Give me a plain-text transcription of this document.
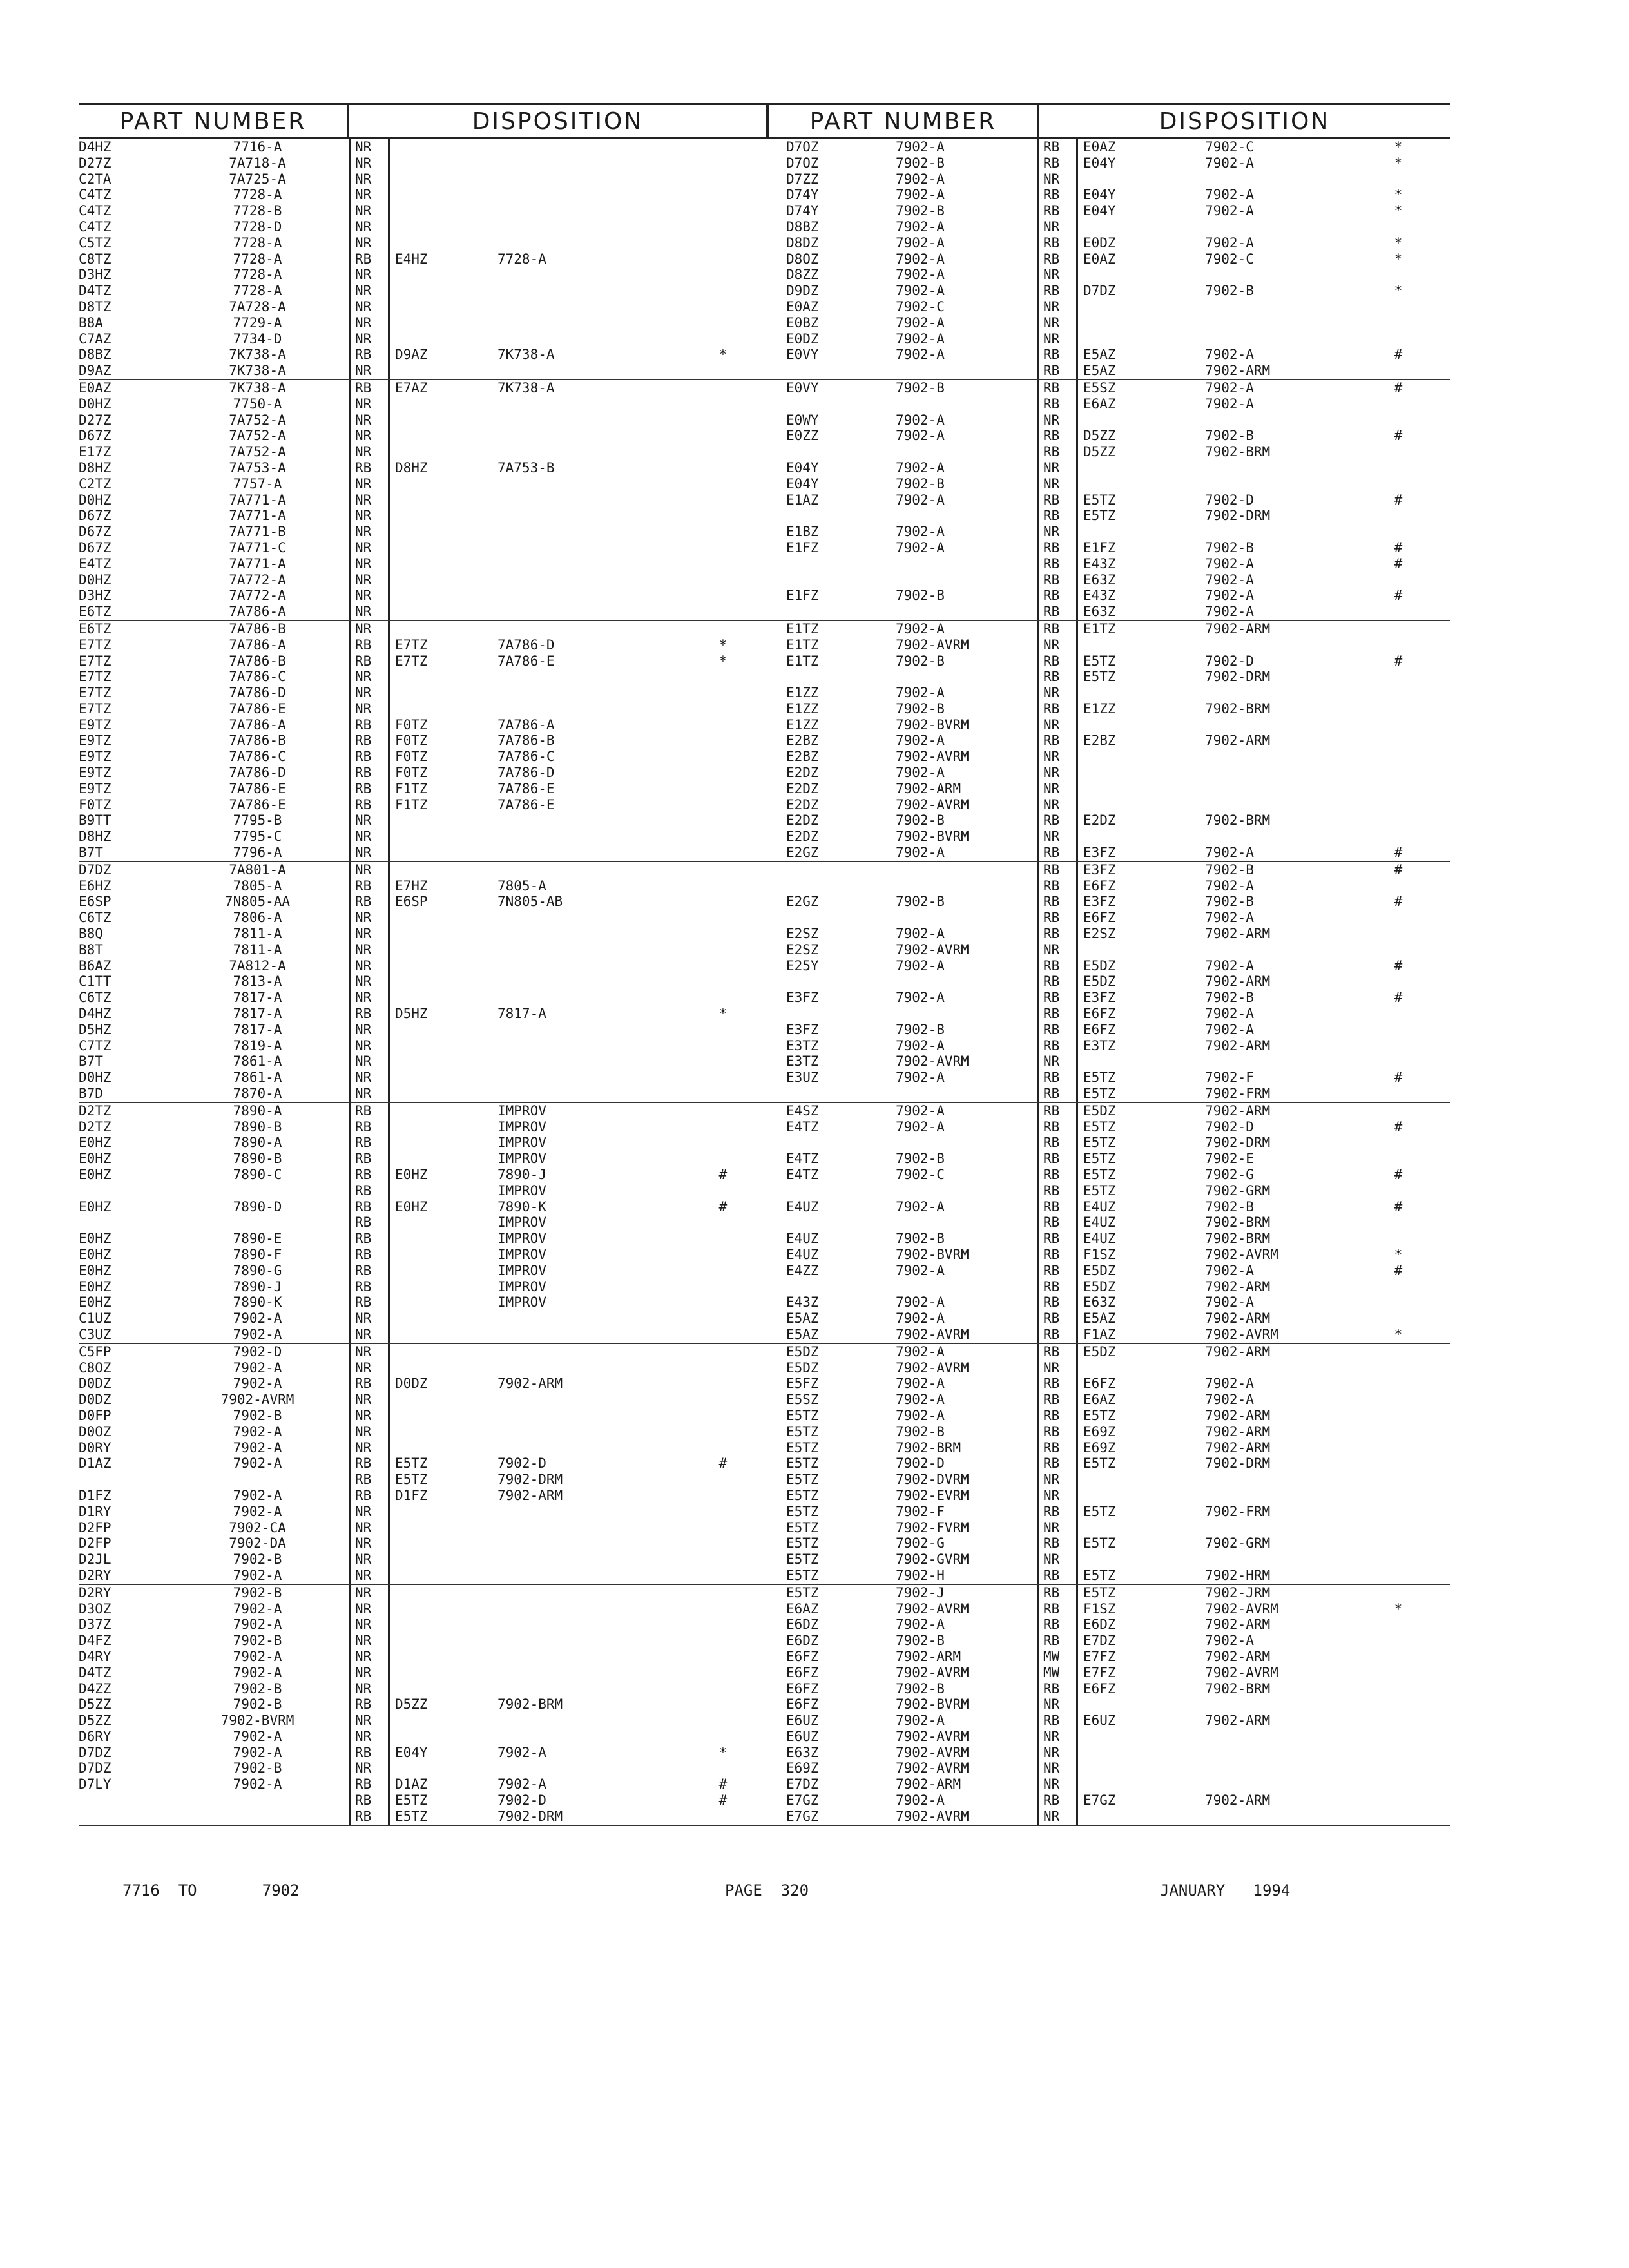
PART NUMBER	DISPOSITION
D4HZ	7716-A	NR
D27Z	7A718-A	NR
C2TA	7A725-A	NR
C4TZ	7728-A	NR
C4TZ	7728-B	NR
C4TZ	7728-D	NR
C5TZ	7728-A	NR
C8TZ	7728-A	RB	E4HZ	7728-A
D3HZ	7728-A	NR
D4TZ	7728-A	NR
D8TZ	7A728-A	NR
B8A	7729-A	NR
C7AZ	7734-D	NR
D8BZ	7K738-A	RB	D9AZ	7K738-A	*
D9AZ	7K738-A	NR
E0AZ	7K738-A	RB	E7AZ	7K738-A
D0HZ	7750-A	NR
D27Z	7A752-A	NR
D67Z	7A752-A	NR
E17Z	7A752-A	NR
D8HZ	7A753-A	RB	D8HZ	7A753-B
C2TZ	7757-A	NR
D0HZ	7A771-A	NR
D67Z	7A771-A	NR
D67Z	7A771-B	NR
D67Z	7A771-C	NR
E4TZ	7A771-A	NR
D0HZ	7A772-A	NR
D3HZ	7A772-A	NR
E6TZ	7A786-A	NR
E6TZ	7A786-B	NR
E7TZ	7A786-A	RB	E7TZ	7A786-D	*
E7TZ	7A786-B	RB	E7TZ	7A786-E	*
E7TZ	7A786-C	NR
E7TZ	7A786-D	NR
E7TZ	7A786-E	NR
E9TZ	7A786-A	RB	F0TZ	7A786-A
E9TZ	7A786-B	RB	F0TZ	7A786-B
E9TZ	7A786-C	RB	F0TZ	7A786-C
E9TZ	7A786-D	RB	F0TZ	7A786-D
E9TZ	7A786-E	RB	F1TZ	7A786-E
F0TZ	7A786-E	RB	F1TZ	7A786-E
B9TT	7795-B	NR
D8HZ	7795-C	NR
B7T	7796-A	NR
D7DZ	7A801-A	NR
E6HZ	7805-A	RB	E7HZ	7805-A
E6SP	7N805-AA	RB	E6SP	7N805-AB
C6TZ	7806-A	NR
B8Q	7811-A	NR
B8T	7811-A	NR
B6AZ	7A812-A	NR
C1TT	7813-A	NR
C6TZ	7817-A	NR
D4HZ	7817-A	RB	D5HZ	7817-A	*
D5HZ	7817-A	NR
C7TZ	7819-A	NR
B7T	7861-A	NR
D0HZ	7861-A	NR
B7D	7870-A	NR
D2TZ	7890-A	RB	IMPROV
D2TZ	7890-B	RB	IMPROV
E0HZ	7890-A	RB	IMPROV
E0HZ	7890-B	RB	IMPROV
E0HZ	7890-C	RB	E0HZ	7890-J	#
RB	IMPROV
E0HZ	7890-D	RB	E0HZ	7890-K	#
RB	IMPROV
E0HZ	7890-E	RB	IMPROV
E0HZ	7890-F	RB	IMPROV
E0HZ	7890-G	RB	IMPROV
E0HZ	7890-J	RB	IMPROV
E0HZ	7890-K	RB	IMPROV
C1UZ	7902-A	NR
C3UZ	7902-A	NR
C5FP	7902-D	NR
C8OZ	7902-A	NR
D0DZ	7902-A	RB	D0DZ	7902-ARM
D0DZ	7902-AVRM	NR
D0FP	7902-B	NR
D0OZ	7902-A	NR
D0RY	7902-A	NR
D1AZ	7902-A	RB	E5TZ	7902-D	#
RB	E5TZ	7902-DRM
D1FZ	7902-A	RB	D1FZ	7902-ARM
D1RY	7902-A	NR
D2FP	7902-CA	NR
D2FP	7902-DA	NR
D2JL	7902-B	NR
D2RY	7902-A	NR
D2RY	7902-B	NR
D3OZ	7902-A	NR
D37Z	7902-A	NR
D4FZ	7902-B	NR
D4RY	7902-A	NR
D4TZ	7902-A	NR
D4ZZ	7902-B	NR
D5ZZ	7902-B	RB	D5ZZ	7902-BRM
D5ZZ	7902-BVRM	NR
D6RY	7902-A	NR
D7DZ	7902-A	RB	E04Y	7902-A	*
D7DZ	7902-B	NR
D7LY	7902-A	RB	D1AZ	7902-A	#
RB	E5TZ	7902-D	#
RB	E5TZ	7902-DRM
PART NUMBER	DISPOSITION
D7OZ	7902-A	RB	E0AZ	7902-C	*
D7OZ	7902-B	RB	E04Y	7902-A	*
D7ZZ	7902-A	NR
D74Y	7902-A	RB	E04Y	7902-A	*
D74Y	7902-B	RB	E04Y	7902-A	*
D8BZ	7902-A	NR
D8DZ	7902-A	RB	E0DZ	7902-A	*
D8OZ	7902-A	RB	E0AZ	7902-C	*
D8ZZ	7902-A	NR
D9DZ	7902-A	RB	D7DZ	7902-B	*
E0AZ	7902-C	NR
E0BZ	7902-A	NR
E0DZ	7902-A	NR
E0VY	7902-A	RB	E5AZ	7902-A	#
RB	E5AZ	7902-ARM
E0VY	7902-B	RB	E5SZ	7902-A	#
RB	E6AZ	7902-A
E0WY	7902-A	NR
E0ZZ	7902-A	RB	D5ZZ	7902-B	#
RB	D5ZZ	7902-BRM
E04Y	7902-A	NR
E04Y	7902-B	NR
E1AZ	7902-A	RB	E5TZ	7902-D	#
RB	E5TZ	7902-DRM
E1BZ	7902-A	NR
E1FZ	7902-A	RB	E1FZ	7902-B	#
RB	E43Z	7902-A	#
RB	E63Z	7902-A
E1FZ	7902-B	RB	E43Z	7902-A	#
RB	E63Z	7902-A
E1TZ	7902-A	RB	E1TZ	7902-ARM
E1TZ	7902-AVRM	NR
E1TZ	7902-B	RB	E5TZ	7902-D	#
RB	E5TZ	7902-DRM
E1ZZ	7902-A	NR
E1ZZ	7902-B	RB	E1ZZ	7902-BRM
E1ZZ	7902-BVRM	NR
E2BZ	7902-A	RB	E2BZ	7902-ARM
E2BZ	7902-AVRM	NR
E2DZ	7902-A	NR
E2DZ	7902-ARM	NR
E2DZ	7902-AVRM	NR
E2DZ	7902-B	RB	E2DZ	7902-BRM
E2DZ	7902-BVRM	NR
E2GZ	7902-A	RB	E3FZ	7902-A	#
RB	E3FZ	7902-B	#
RB	E6FZ	7902-A
E2GZ	7902-B	RB	E3FZ	7902-B	#
RB	E6FZ	7902-A
E2SZ	7902-A	RB	E2SZ	7902-ARM
E2SZ	7902-AVRM	NR
E25Y	7902-A	RB	E5DZ	7902-A	#
RB	E5DZ	7902-ARM
E3FZ	7902-A	RB	E3FZ	7902-B	#
RB	E6FZ	7902-A
E3FZ	7902-B	RB	E6FZ	7902-A
E3TZ	7902-A	RB	E3TZ	7902-ARM
E3TZ	7902-AVRM	NR
E3UZ	7902-A	RB	E5TZ	7902-F	#
RB	E5TZ	7902-FRM
E4SZ	7902-A	RB	E5DZ	7902-ARM
E4TZ	7902-A	RB	E5TZ	7902-D	#
RB	E5TZ	7902-DRM
E4TZ	7902-B	RB	E5TZ	7902-E
E4TZ	7902-C	RB	E5TZ	7902-G	#
RB	E5TZ	7902-GRM
E4UZ	7902-A	RB	E4UZ	7902-B	#
RB	E4UZ	7902-BRM
E4UZ	7902-B	RB	E4UZ	7902-BRM
E4UZ	7902-BVRM	RB	F1SZ	7902-AVRM	*
E4ZZ	7902-A	RB	E5DZ	7902-A	#
RB	E5DZ	7902-ARM
E43Z	7902-A	RB	E63Z	7902-A
E5AZ	7902-A	RB	E5AZ	7902-ARM
E5AZ	7902-AVRM	RB	F1AZ	7902-AVRM	*
E5DZ	7902-A	RB	E5DZ	7902-ARM
E5DZ	7902-AVRM	NR
E5FZ	7902-A	RB	E6FZ	7902-A
E5SZ	7902-A	RB	E6AZ	7902-A
E5TZ	7902-A	RB	E5TZ	7902-ARM
E5TZ	7902-B	RB	E69Z	7902-ARM
E5TZ	7902-BRM	RB	E69Z	7902-ARM
E5TZ	7902-D	RB	E5TZ	7902-DRM
E5TZ	7902-DVRM	NR
E5TZ	7902-EVRM	NR
E5TZ	7902-F	RB	E5TZ	7902-FRM
E5TZ	7902-FVRM	NR
E5TZ	7902-G	RB	E5TZ	7902-GRM
E5TZ	7902-GVRM	NR
E5TZ	7902-H	RB	E5TZ	7902-HRM
E5TZ	7902-J	RB	E5TZ	7902-JRM
E6AZ	7902-AVRM	RB	F1SZ	7902-AVRM	*
E6DZ	7902-A	RB	E6DZ	7902-ARM
E6DZ	7902-B	RB	E7DZ	7902-A
E6FZ	7902-ARM	MW	E7FZ	7902-ARM
E6FZ	7902-AVRM	MW	E7FZ	7902-AVRM
E6FZ	7902-B	RB	E6FZ	7902-BRM
E6FZ	7902-BVRM	NR
E6UZ	7902-A	RB	E6UZ	7902-ARM
E6UZ	7902-AVRM	NR
E63Z	7902-AVRM	NR
E69Z	7902-AVRM	NR
E7DZ	7902-ARM	NR
E7GZ	7902-A	RB	E7GZ	7902-ARM
E7GZ	7902-AVRM	NR
7716  TO       7902	PAGE  320	JANUARY   1994
